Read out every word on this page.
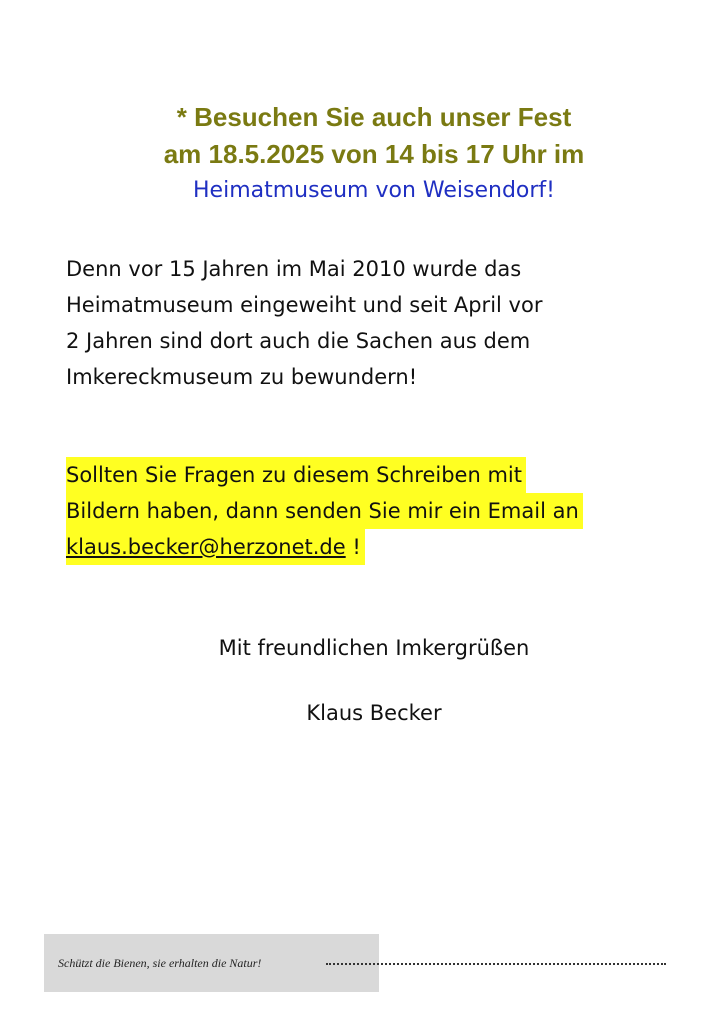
* Besuchen Sie auch unser Fest
am 18.5.2025 von 14 bis 17 Uhr im
Heimatmuseum von Weisendorf!
Denn vor 15 Jahren im Mai 2010 wurde das
Heimatmuseum eingeweiht und seit April vor
2 Jahren sind dort auch die Sachen aus dem
Imkereckmuseum zu bewundern!
Sollten Sie Fragen zu diesem Schreiben mit
Bildern haben, dann senden Sie mir ein Email an
klaus.becker@herzonet.de !
Mit freundlichen Imkergrüßen
Klaus Becker
Schützt die Bienen, sie erhalten die Natur!
